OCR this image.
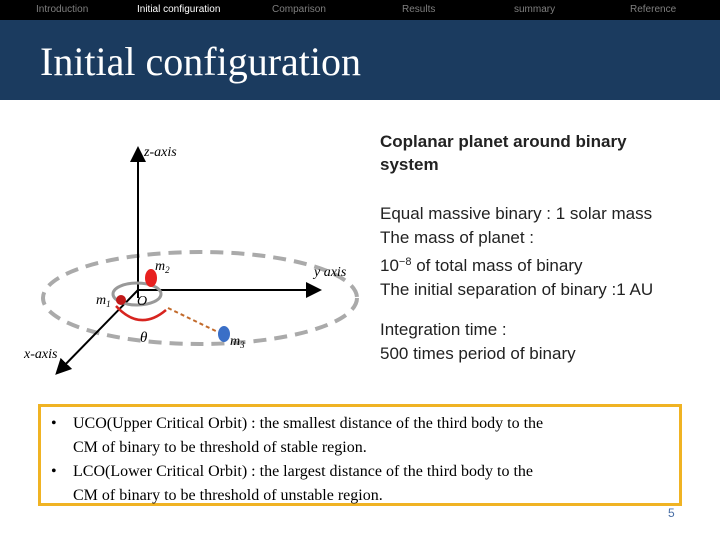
Introduction	Initial configuration	Comparison	Results	summary	Reference
Initial configuration
z-axis
y axis
x-axis
O
$m_1$
$m_2$
$m_3$
θ
Coplanar planet around binary
system
Equal massive binary : 1 solar mass
The mass of planet :
$10^{-8}$ of total mass of binary
The initial separation of binary :1 AU
Integration time :
500 times period of binary
• UCO(Upper Critical Orbit) : the smallest distance of the third body to the
CM of binary to be threshold of stable region.
• LCO(Lower Critical Orbit) : the largest distance of the third body to the
CM of binary to be threshold of unstable region.
5
